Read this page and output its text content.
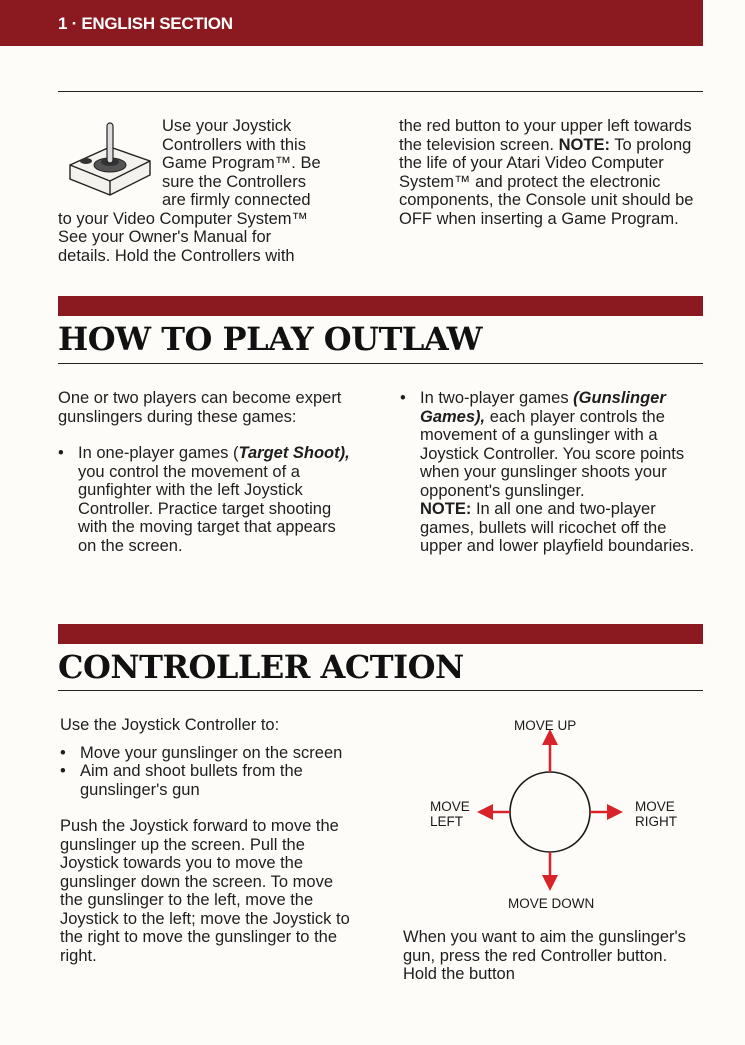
1 · ENGLISH SECTION

Use your Joystick

Controllers with this

Game Program™. Be

sure the Controllers

are firmly connected

to your Video Computer System™

See your Owner's Manual for

details. Hold the Controllers with

the red button to your upper left towards the television screen. NOTE: To prolong the life of your Atari Video Computer System™ and protect the electronic components, the Console unit should be OFF when inserting a Game Program.

HOW TO PLAY OUTLAW

One or two players can become expert gunslingers during these games:

• In one-player games (Target Shoot), you control the movement of a gunfighter with the left Joystick Controller. Practice target shooting with the moving target that appears on the screen.

• In two-player games (Gunslinger Games), each player controls the movement of a gunslinger with a Joystick Controller. You score points when your gunslinger shoots your opponent's gunslinger.

NOTE: In all one and two-player games, bullets will ricochet off the upper and lower playfield boundaries.

CONTROLLER ACTION

Use the Joystick Controller to:

• Move your gunslinger on the screen

• Aim and shoot bullets from the gunslinger's gun

Push the Joystick forward to move the gunslinger up the screen. Pull the Joystick towards you to move the gunslinger down the screen. To move the gunslinger to the left, move the Joystick to the left; move the Joystick to the right to move the gunslinger to the right.

MOVE UP
MOVE DOWN
MOVE
LEFT
MOVE
RIGHT
When you want to aim the gunslinger's gun, press the red Controller button. Hold the button
